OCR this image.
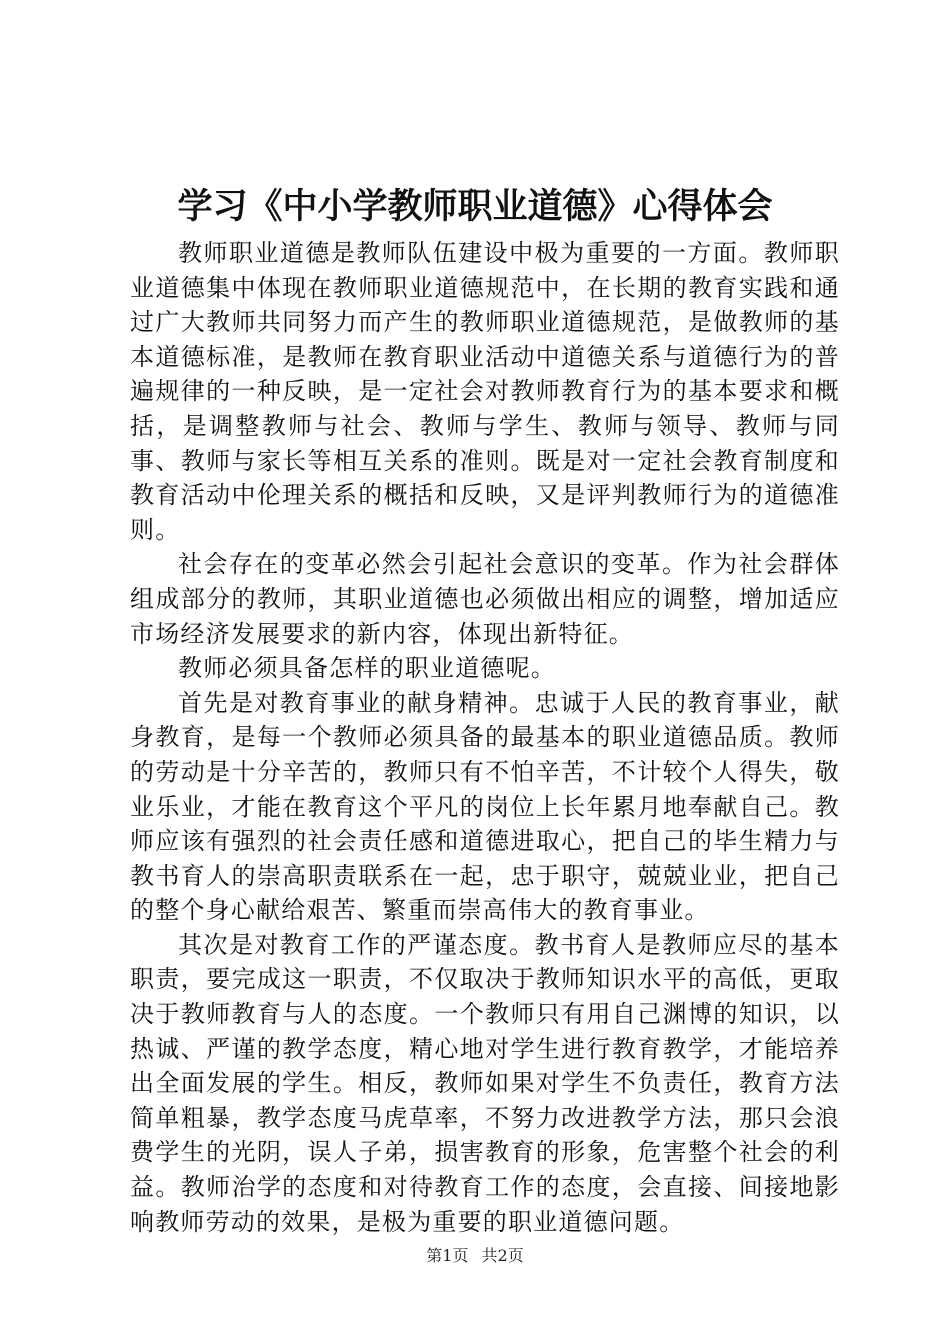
学习《中小学教师职业道德》心得体会

教师职业道德是教师队伍建设中极为重要的一方面。教师职业道德集中体现在教师职业道德规范中，在长期的教育实践和通过广大教师共同努力而产生的教师职业道德规范，是做教师的基本道德标准，是教师在教育职业活动中道德关系与道德行为的普遍规律的一种反映，是一定社会对教师教育行为的基本要求和概括，是调整教师与社会、教师与学生、教师与领导、教师与同事、教师与家长等相互关系的准则。既是对一定社会教育制度和教育活动中伦理关系的概括和反映，又是评判教师行为的道德准则。

社会存在的变革必然会引起社会意识的变革。作为社会群体组成部分的教师，其职业道德也必须做出相应的调整，增加适应市场经济发展要求的新内容，体现出新特征。

教师必须具备怎样的职业道德呢。

首先是对教育事业的献身精神。忠诚于人民的教育事业，献身教育，是每一个教师必须具备的最基本的职业道德品质。教师的劳动是十分辛苦的，教师只有不怕辛苦，不计较个人得失，敬业乐业，才能在教育这个平凡的岗位上长年累月地奉献自己。教师应该有强烈的社会责任感和道德进取心，把自己的毕生精力与教书育人的崇高职责联系在一起，忠于职守，兢兢业业，把自己的整个身心献给艰苦、繁重而崇高伟大的教育事业。

其次是对教育工作的严谨态度。教书育人是教师应尽的基本职责，要完成这一职责，不仅取决于教师知识水平的高低，更取决于教师教育与人的态度。一个教师只有用自己渊博的知识，以热诚、严谨的教学态度，精心地对学生进行教育教学，才能培养出全面发展的学生。相反，教师如果对学生不负责任，教育方法简单粗暴，教学态度马虎草率，不努力改进教学方法，那只会浪费学生的光阴，误人子弟，损害教育的形象，危害整个社会的利益。教师治学的态度和对待教育工作的态度，会直接、间接地影响教师劳动的效果，是极为重要的职业道德问题。

第1页 共2页
